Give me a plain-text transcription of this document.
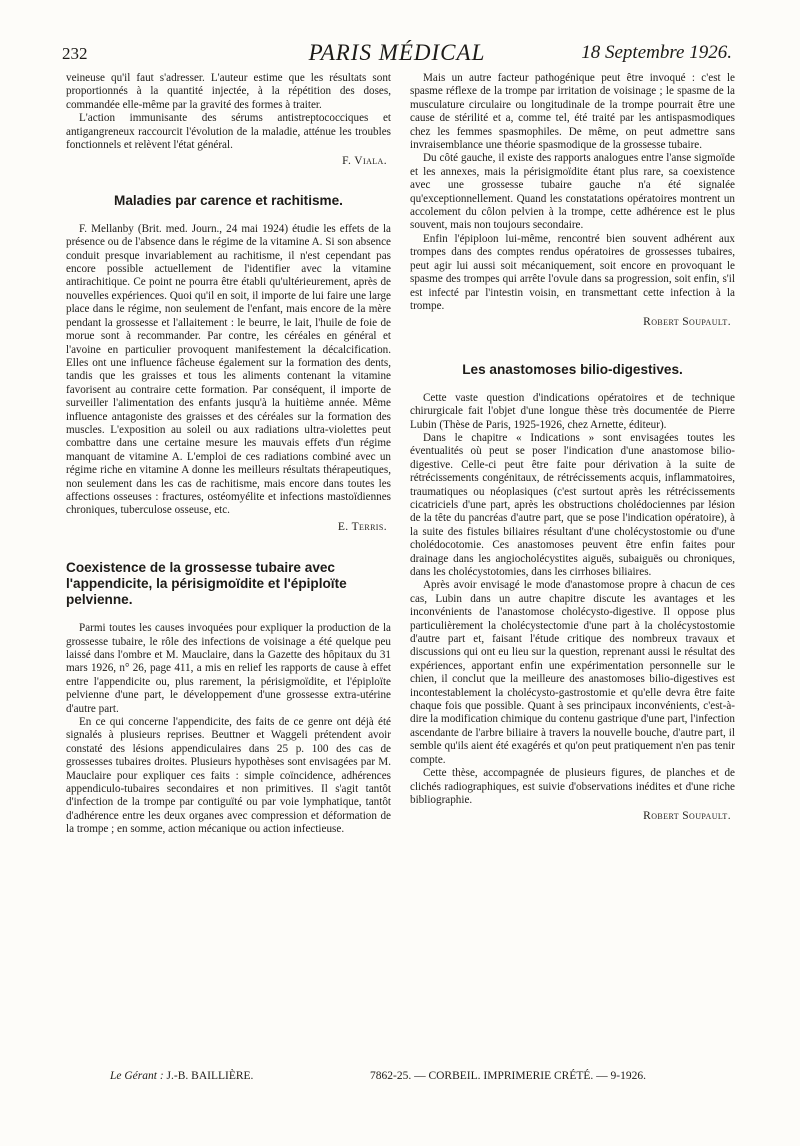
232	PARIS MÉDICAL	18 Septembre 1926.

veineuse qu'il faut s'adresser. L'auteur estime que les résultats sont proportionnés à la quantité injectée, à la répétition des doses, commandée elle-même par la gravité des formes à traiter.

L'action immunisante des sérums antistreptococciques et antigangreneux raccourcit l'évolution de la maladie, atténue les troubles fonctionnels et relèvent l'état général.

F. Viala.
Maladies par carence et rachitisme.

F. Mellanby (Brit. med. Journ., 24 mai 1924) étudie les effets de la présence ou de l'absence dans le régime de la vitamine A. Si son absence conduit presque invariablement au rachitisme, il n'est cependant pas encore possible actuellement de l'identifier avec la vitamine antirachitique. Ce point ne pourra être établi qu'ultérieurement, après de nouvelles expériences. Quoi qu'il en soit, il importe de lui faire une large place dans le régime, non seulement de l'enfant, mais encore de la mère pendant la grossesse et l'allaitement : le beurre, le lait, l'huile de foie de morue sont à recommander. Par contre, les céréales en général et l'avoine en particulier provoquent manifestement la décalcification. Elles ont une influence fâcheuse également sur la formation des dents, tandis que les graisses et tous les aliments contenant la vitamine favorisent au contraire cette formation. Par conséquent, il importe de surveiller l'alimentation des enfants jusqu'à la huitième année. Même influence antagoniste des graisses et des céréales sur la formation des muscles. L'exposition au soleil ou aux radiations ultra-violettes peut combattre dans une certaine mesure les mauvais effets d'un régime manquant de vitamine A. L'emploi de ces radiations combiné avec un régime riche en vitamine A donne les meilleurs résultats thérapeutiques, non seulement dans les cas de rachitisme, mais encore dans toutes les affections osseuses : fractures, ostéomyélite et infections mastoïdiennes chroniques, tuberculose osseuse, etc.

E. Terris.
Coexistence de la grossesse tubaire avec l'appendicite, la périsigmoïdite et l'épiploïte pelvienne.

Parmi toutes les causes invoquées pour expliquer la production de la grossesse tubaire, le rôle des infections de voisinage a été quelque peu laissé dans l'ombre et M. Mauclaire, dans la Gazette des hôpitaux du 31 mars 1926, n° 26, page 411, a mis en relief les rapports de cause à effet entre l'appendicite ou, plus rarement, la périsigmoïdite, et l'épiploïte pelvienne d'une part, le développement d'une grossesse extra-utérine d'autre part.

En ce qui concerne l'appendicite, des faits de ce genre ont déjà été signalés à plusieurs reprises. Beuttner et Waggeli prétendent avoir constaté des lésions appendiculaires dans 25 p. 100 des cas de grossesses tubaires droites. Plusieurs hypothèses sont envisagées par M. Mauclaire pour expliquer ces faits : simple coïncidence, adhérences appendiculo-tubaires secondaires et non primitives. Il s'agit tantôt d'infection de la trompe par contiguïté ou par voie lymphatique, tantôt d'adhérence entre les deux organes avec compression et déformation de la trompe ; en somme, action mécanique ou action infectieuse.

Mais un autre facteur pathogénique peut être invoqué : c'est le spasme réflexe de la trompe par irritation de voisinage ; le spasme de la musculature circulaire ou longitudinale de la trompe pourrait être une cause de stérilité et a, comme tel, été traité par les antispasmodiques chez les femmes spasmophiles. De même, on peut admettre sans invraisemblance une théorie spasmodique de la grossesse tubaire.

Du côté gauche, il existe des rapports analogues entre l'anse sigmoïde et les annexes, mais la périsigmoïdite étant plus rare, sa coexistence avec une grossesse tubaire gauche n'a été signalée qu'exceptionnellement. Quand les constatations opératoires montrent un accolement du côlon pelvien à la trompe, cette adhérence est le plus souvent, mais non toujours secondaire.

Enfin l'épiploon lui-même, rencontré bien souvent adhérent aux trompes dans des comptes rendus opératoires de grossesses tubaires, peut agir lui aussi soit mécaniquement, soit encore en provoquant le spasme des trompes qui arrête l'ovule dans sa progression, soit enfin, s'il est infecté par l'intestin voisin, en transmettant cette infection à la trompe.

Robert Soupault.
Les anastomoses bilio-digestives.

Cette vaste question d'indications opératoires et de technique chirurgicale fait l'objet d'une longue thèse très documentée de Pierre Lubin (Thèse de Paris, 1925-1926, chez Arnette, éditeur).

Dans le chapitre « Indications » sont envisagées toutes les éventualités où peut se poser l'indication d'une anastomose bilio-digestive. Celle-ci peut être faite pour dérivation à la suite de rétrécissements congénitaux, de rétrécissements acquis, inflammatoires, traumatiques ou néoplasiques (c'est surtout après les rétrécissements cicatriciels d'une part, après les obstructions cholédociennes par lésion de la tête du pancréas d'autre part, que se pose l'indication opératoire), à la suite des fistules biliaires résultant d'une cholécystostomie ou d'une cholédocotomie. Ces anastomoses peuvent être enfin faites pour drainage dans les angiocholécystites aiguës, subaiguës ou chroniques, dans les cholécystotomies, dans les cirrhoses biliaires.

Après avoir envisagé le mode d'anastomose propre à chacun de ces cas, Lubin dans un autre chapitre discute les avantages et les inconvénients de l'anastomose cholécysto-digestive. Il oppose plus particulièrement la cholécystectomie d'une part à la cholécystostomie d'autre part et, faisant l'étude critique des nombreux travaux et discussions qui ont eu lieu sur la question, reprenant aussi le résultat des expériences, apportant enfin une expérimentation personnelle sur le chien, il conclut que la meilleure des anastomoses bilio-digestives est incontestablement la cholécysto-gastrostomie et qu'elle devra être faite chaque fois que possible. Quant à ses principaux inconvénients, c'est-à-dire la modification chimique du contenu gastrique d'une part, l'infection ascendante de l'arbre biliaire à travers la nouvelle bouche, d'autre part, il semble qu'ils aient été exagérés et qu'on peut pratiquement n'en pas tenir compte.

Cette thèse, accompagnée de plusieurs figures, de planches et de clichés radiographiques, est suivie d'observations inédites et d'une riche bibliographie.

Robert Soupault.
Le Gérant : J.-B. BAILLIÈRE.	7862-25. — CORBEIL. IMPRIMERIE CRÉTÉ. — 9-1926.
